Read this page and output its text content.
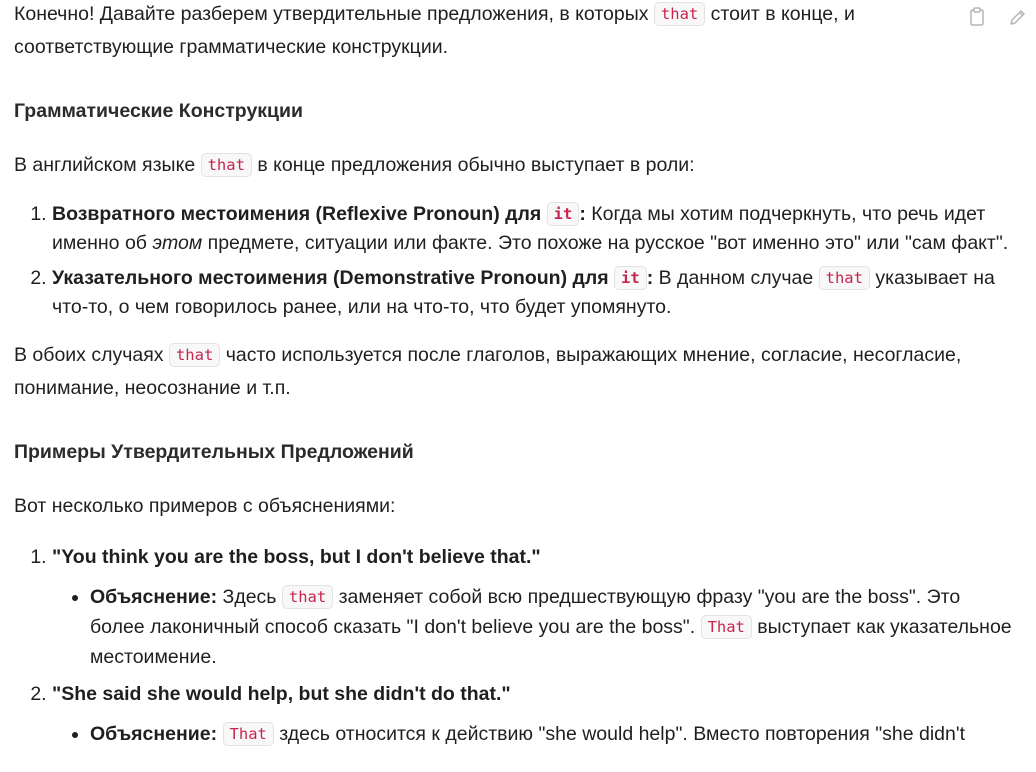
Конечно! Давайте разберем утвердительные предложения, в которых that стоит в конце, и соответствующие грамматические конструкции.

Грамматические Конструкции

В английском языке that в конце предложения обычно выступает в роли:

1. Возвратного местоимения (Reflexive Pronoun) для it : Когда мы хотим подчеркнуть, что речь идет именно об этом предмете, ситуации или факте. Это похоже на русское "вот именно это" или "сам факт".
2. Указательного местоимения (Demonstrative Pronoun) для it : В данном случае that указывает на что-то, о чем говорилось ранее, или на что-то, что будет упомянуто.

В обоих случаях that часто используется после глаголов, выражающих мнение, согласие, несогласие, понимание, неосознание и т.п.

Примеры Утвердительных Предложений

Вот несколько примеров с объяснениями:

1. "You think you are the boss, but I don't believe that."
• Объяснение: Здесь that заменяет собой всю предшествующую фразу "you are the boss". Это более лаконичный способ сказать "I don't believe you are the boss". That выступает как указательное местоимение.
2. "She said she would help, but she didn't do that."
• Объяснение: That здесь относится к действию "she would help". Вместо повторения "she didn't
